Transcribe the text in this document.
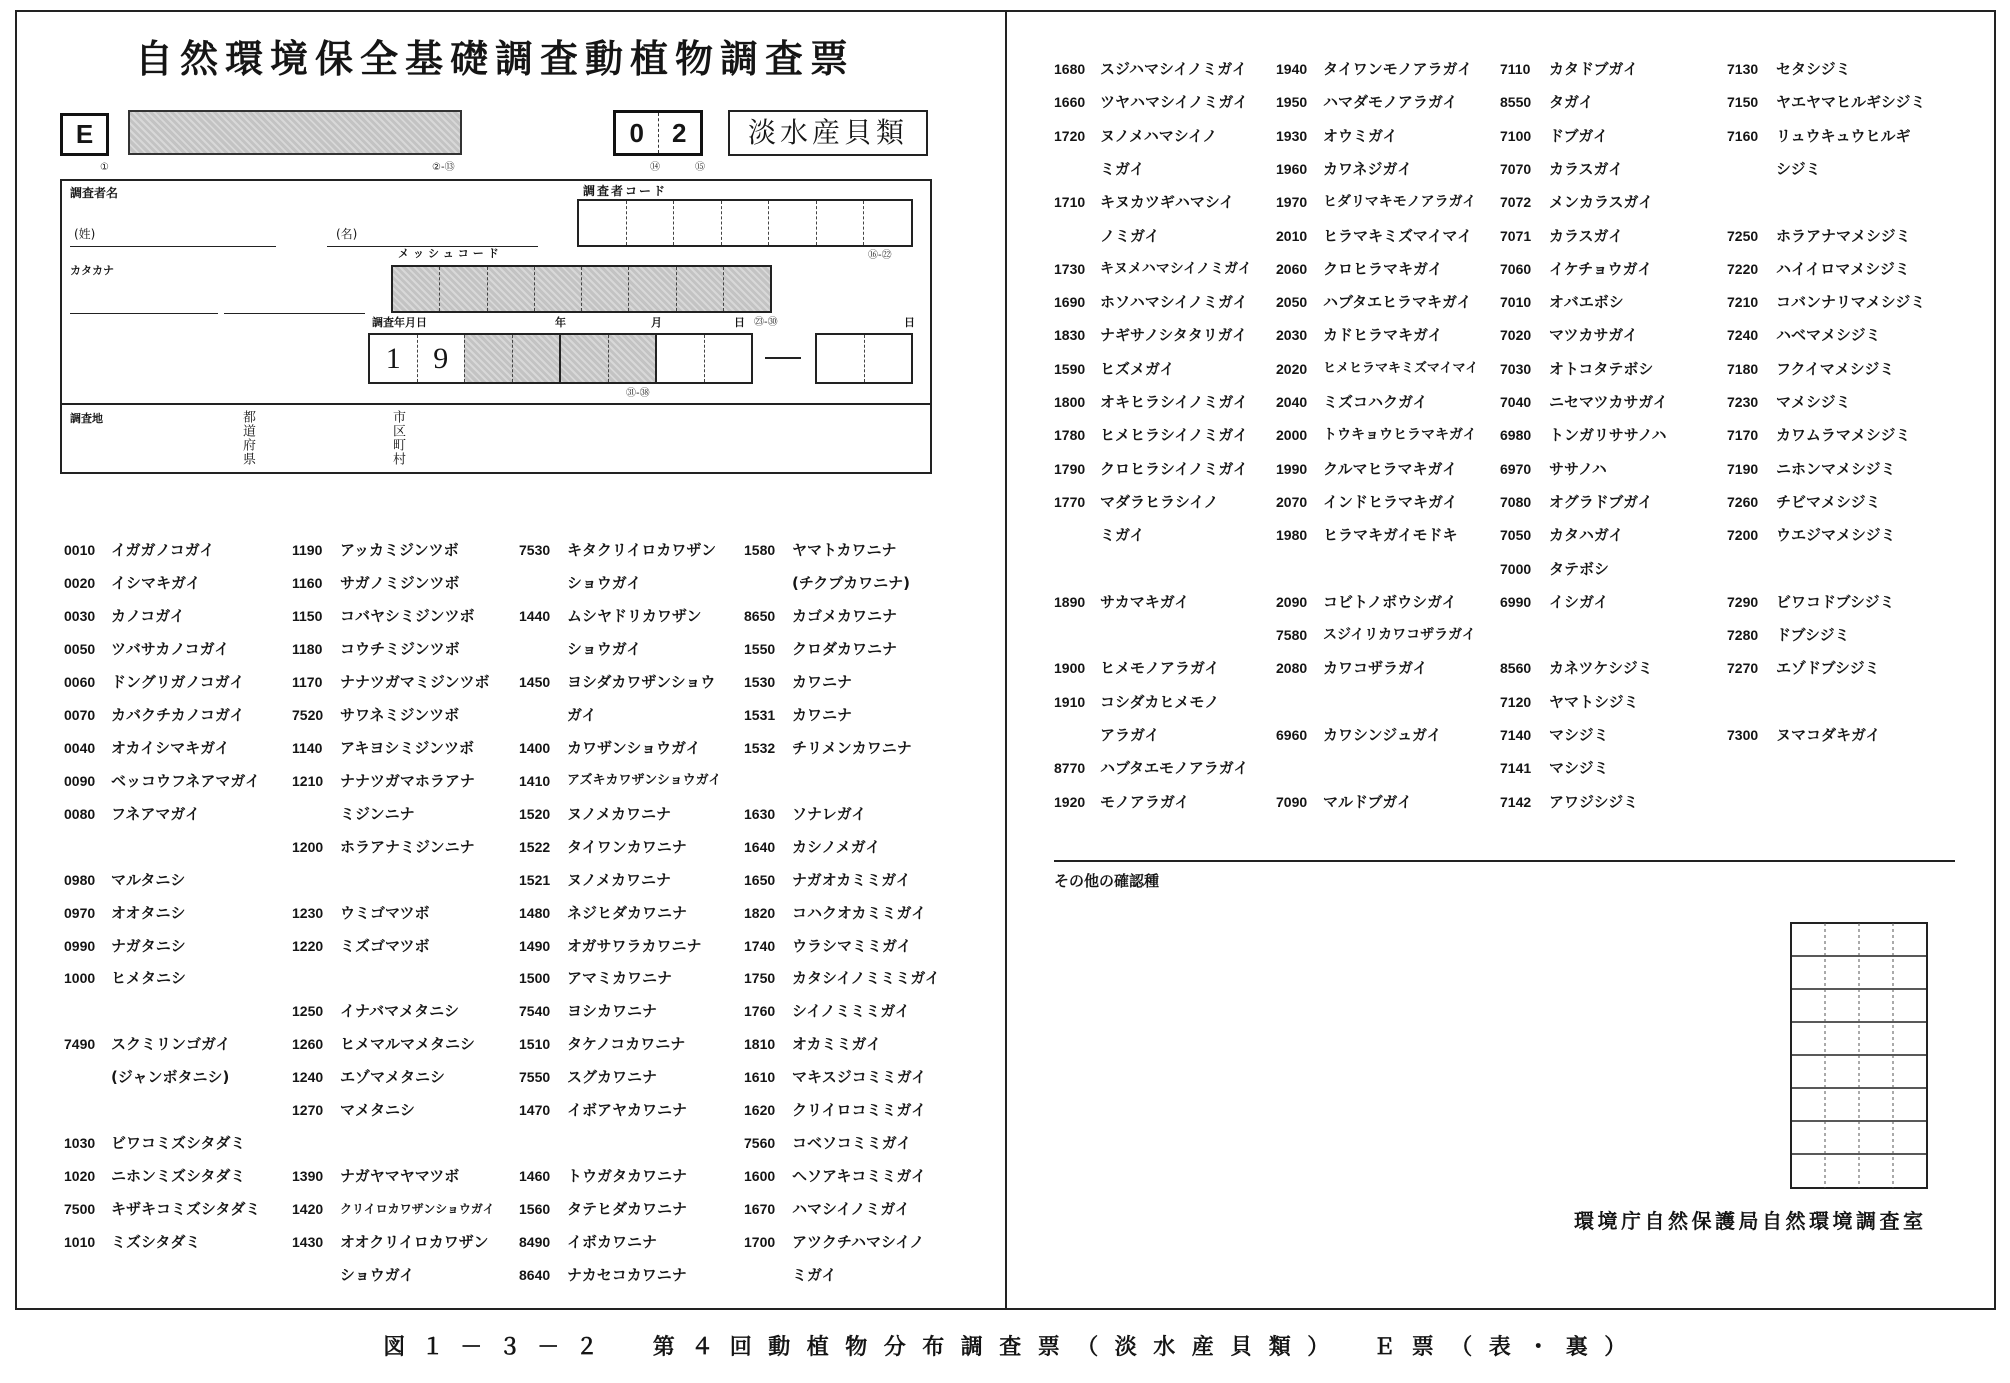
自然環境保全基礎調査動植物調査票
E
①	②-⑬
0	2
⑭	⑮
淡水産貝類
調査者名	調査者コード
⑯-㉒
(姓)	(名)
メッシュコード
カタカナ
調査年月日	年	月	日 ㉓-㉚	日
1	9
㉛-㊳
調査地	都道府県	市区町村
0010 イガガノコガイ
0020 イシマキガイ
0030 カノコガイ
0050 ツバサカノコガイ
0060 ドングリガノコガイ
0070 カバクチカノコガイ
0040 オカイシマキガイ
0090 ベッコウフネアマガイ
0080 フネアマガイ
0980 マルタニシ
0970 オオタニシ
0990 ナガタニシ
1000 ヒメタニシ
7490 スクミリンゴガイ
(ジャンボタニシ)
1030 ビワコミズシタダミ
1020 ニホンミズシタダミ
7500 キザキコミズシタダミ
1010 ミズシタダミ
1190 アッカミジンツボ
1160 サガノミジンツボ
1150 コバヤシミジンツボ
1180 コウチミジンツボ
1170 ナナツガマミジンツボ
7520 サワネミジンツボ
1140 アキヨシミジンツボ
1210 ナナツガマホラアナ
ミジンニナ
1200 ホラアナミジンニナ
1230 ウミゴマツボ
1220 ミズゴマツボ
1250 イナバマメタニシ
1260 ヒメマルマメタニシ
1240 エゾマメタニシ
1270 マメタニシ
1390 ナガヤマヤマツボ
1420 クリイロカワザンショウガイ
1430 オオクリイロカワザン
ショウガイ
7530 キタクリイロカワザン
ショウガイ
1440 ムシヤドリカワザン
ショウガイ
1450 ヨシダカワザンショウ
ガイ
1400 カワザンショウガイ
1410 アズキカワザンショウガイ
1520 ヌノメカワニナ
1522 タイワンカワニナ
1521 ヌノメカワニナ
1480 ネジヒダカワニナ
1490 オガサワラカワニナ
1500 アマミカワニナ
7540 ヨシカワニナ
1510 タケノコカワニナ
7550 スグカワニナ
1470 イボアヤカワニナ
1460 トウガタカワニナ
1560 タテヒダカワニナ
8490 イボカワニナ
8640 ナカセコカワニナ
1580 ヤマトカワニナ
(チクブカワニナ)
8650 カゴメカワニナ
1550 クロダカワニナ
1530 カワニナ
1531 カワニナ
1532 チリメンカワニナ
1630 ソナレガイ
1640 カシノメガイ
1650 ナガオカミミガイ
1820 コハクオカミミガイ
1740 ウラシマミミガイ
1750 カタシイノミミミガイ
1760 シイノミミミガイ
1810 オカミミガイ
1610 マキスジコミミガイ
1620 クリイロコミミガイ
7560 コベソコミミガイ
1600 ヘソアキコミミガイ
1670 ハマシイノミガイ
1700 アツクチハマシイノ
ミガイ
1680 スジハマシイノミガイ
1660 ツヤハマシイノミガイ
1720 ヌノメハマシイノ
ミガイ
1710 キヌカツギハマシイ
ノミガイ
1730 キヌメハマシイノミガイ
1690 ホソハマシイノミガイ
1830 ナギサノシタタリガイ
1590 ヒズメガイ
1800 オキヒラシイノミガイ
1780 ヒメヒラシイノミガイ
1790 クロヒラシイノミガイ
1770 マダラヒラシイノ
ミガイ
1890 サカマキガイ
1900 ヒメモノアラガイ
1910 コシダカヒメモノ
アラガイ
8770 ハブタエモノアラガイ
1920 モノアラガイ
1940 タイワンモノアラガイ
1950 ハマダモノアラガイ
1930 オウミガイ
1960 カワネジガイ
1970 ヒダリマキモノアラガイ
2010 ヒラマキミズマイマイ
2060 クロヒラマキガイ
2050 ハブタエヒラマキガイ
2030 カドヒラマキガイ
2020 ヒメヒラマキミズマイマイ
2040 ミズコハクガイ
2000 トウキョウヒラマキガイ
1990 クルマヒラマキガイ
2070 インドヒラマキガイ
1980 ヒラマキガイモドキ
2090 コビトノボウシガイ
7580 スジイリカワコザラガイ
2080 カワコザラガイ
6960 カワシンジュガイ
7090 マルドブガイ
7110 カタドブガイ
8550 タガイ
7100 ドブガイ
7070 カラスガイ
7072 メンカラスガイ
7071 カラスガイ
7060 イケチョウガイ
7010 オバエボシ
7020 マツカサガイ
7030 オトコタテボシ
7040 ニセマツカサガイ
6980 トンガリササノハ
6970 ササノハ
7080 オグラドブガイ
7050 カタハガイ
7000 タテボシ
6990 イシガイ
8560 カネツケシジミ
7120 ヤマトシジミ
7140 マシジミ
7141 マシジミ
7142 アワジシジミ
7130 セタシジミ
7150 ヤエヤマヒルギシジミ
7160 リュウキュウヒルギ
シジミ
7250 ホラアナマメシジミ
7220 ハイイロマメシジミ
7210 コバンナリマメシジミ
7240 ハベマメシジミ
7180 フクイマメシジミ
7230 マメシジミ
7170 カワムラマメシジミ
7190 ニホンマメシジミ
7260 チビマメシジミ
7200 ウエジマメシジミ
7290 ビワコドブシジミ
7280 ドブシジミ
7270 エゾドブシジミ
7300 ヌマコダキガイ
その他の確認種
環境庁自然保護局自然環境調査室
図１－３－２　第４回動植物分布調査票（淡水産貝類）　Ｅ票（表・裏）
